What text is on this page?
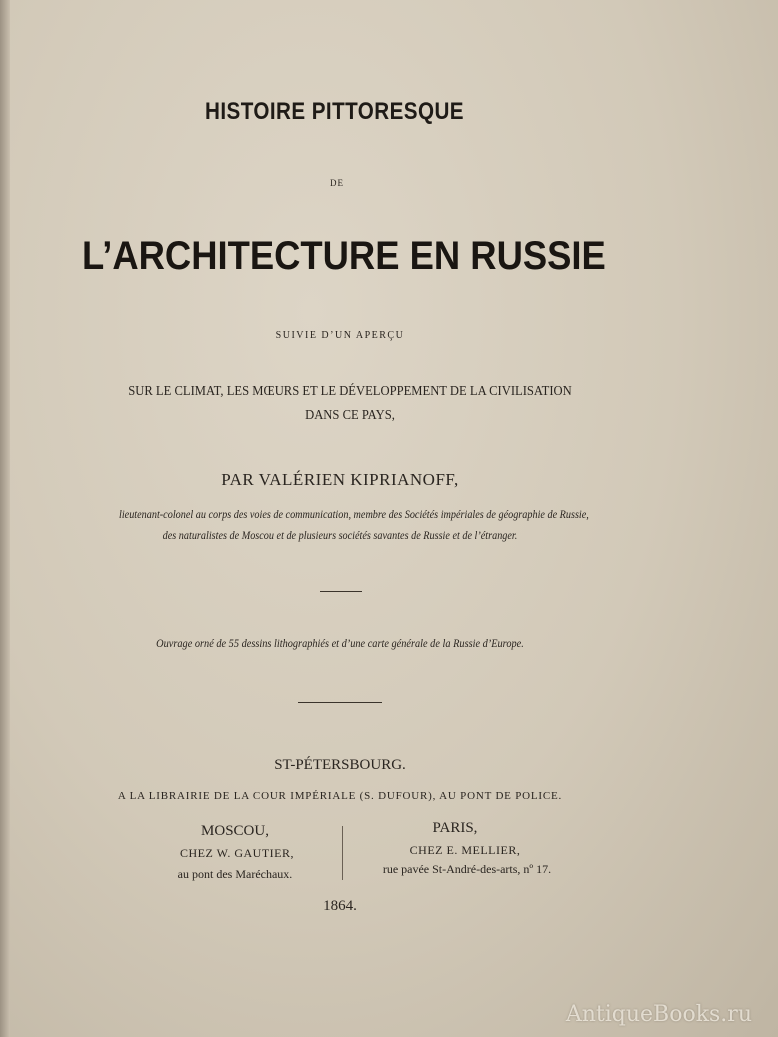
HISTOIRE PITTORESQUE
DE
L’ARCHITECTURE EN RUSSIE
SUIVIE D’UN APERÇU
SUR LE CLIMAT, LES MŒURS ET LE DÉVELOPPEMENT DE LA CIVILISATION
DANS CE PAYS,
PAR VALÉRIEN KIPRIANOFF,
lieutenant-colonel au corps des voies de communication, membre des Sociétés impériales de géographie de Russie,
des naturalistes de Moscou et de plusieurs sociétés savantes de Russie et de l’étranger.
Ouvrage orné de 55 dessins lithographiés et d’une carte générale de la Russie d’Europe.
ST-PÉTERSBOURG.
A LA LIBRAIRIE DE LA COUR IMPÉRIALE (S. DUFOUR), AU PONT DE POLICE.
MOSCOU,
CHEZ W. GAUTIER,
au pont des Maréchaux.
PARIS,
CHEZ E. MELLIER,
rue pavée St-André-des-arts, nº 17.
1864.
AntiqueBooks.ru
